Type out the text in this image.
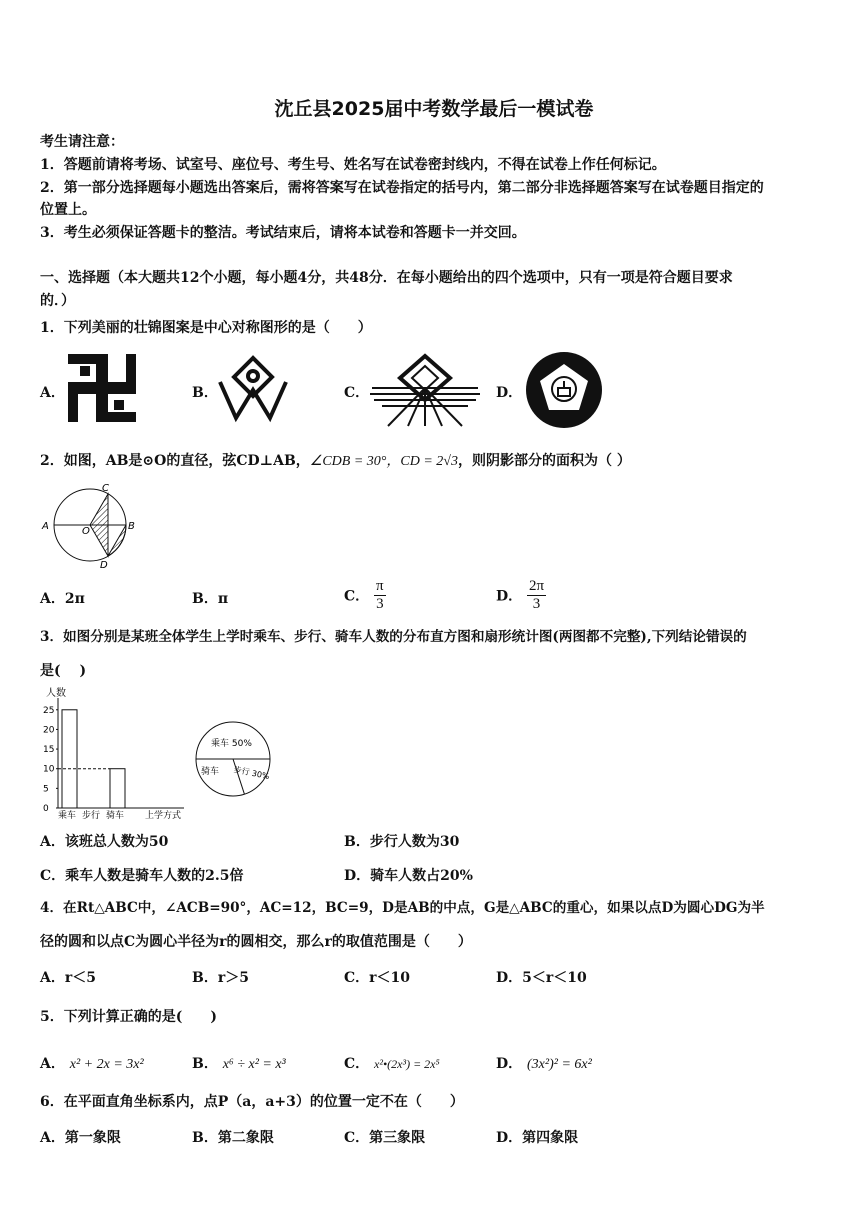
沈丘县2025届中考数学最后一模试卷
考生请注意：
1．答题前请将考场、试室号、座位号、考生号、姓名写在试卷密封线内，不得在试卷上作任何标记。
2．第一部分选择题每小题选出答案后，需将答案写在试卷指定的括号内，第二部分非选择题答案写在试卷题目指定的
位置上。
3．考生必须保证答题卡的整洁。考试结束后，请将本试卷和答题卡一并交回。
一、选择题（本大题共12个小题，每小题4分，共48分．在每小题给出的四个选项中，只有一项是符合题目要求
的．）
1．下列美丽的壮锦图案是中心对称图形的是（　　）
A．	B．	C．	D．
2．如图，AB是⊙O的直径，弦CD⊥AB，∠CDB = 30°，CD = 2√3，则阴影部分的面积为（ ）
A	B
C
D
O
A．2π	B．π	C． $\frac{\pi}{3}$	D． $\frac{2\pi}{3}$
3．如图分别是某班全体学生上学时乘车、步行、骑车人数的分布直方图和扇形统计图(两图都不完整),下列结论错误的
是(　 )
人数
0
5
10
15
20
25
乘车 步行 骑车 上学方式
乘车 50%
骑车 步行 30%
A．该班总人数为50	B．步行人数为30
C．乘车人数是骑车人数的2.5倍	D．骑车人数占20%
4．在Rt△ABC中，∠ACB=90°，AC=12，BC=9，D是AB的中点，G是△ABC的重心，如果以点D为圆心DG为半
径的圆和以点C为圆心半径为r的圆相交，那么r的取值范围是（　　）
A．r＜5	B．r＞5	C．r＜10	D．5＜r＜10
5．下列计算正确的是(　　)
A． x² + 2x = 3x²	B． x⁶ ÷ x² = x³	C． x²•(2x³) = 2x⁵	D． (3x²)² = 6x²
6．在平面直角坐标系内，点P（a，a+3）的位置一定不在（　　）
A．第一象限	B．第二象限	C．第三象限	D．第四象限
